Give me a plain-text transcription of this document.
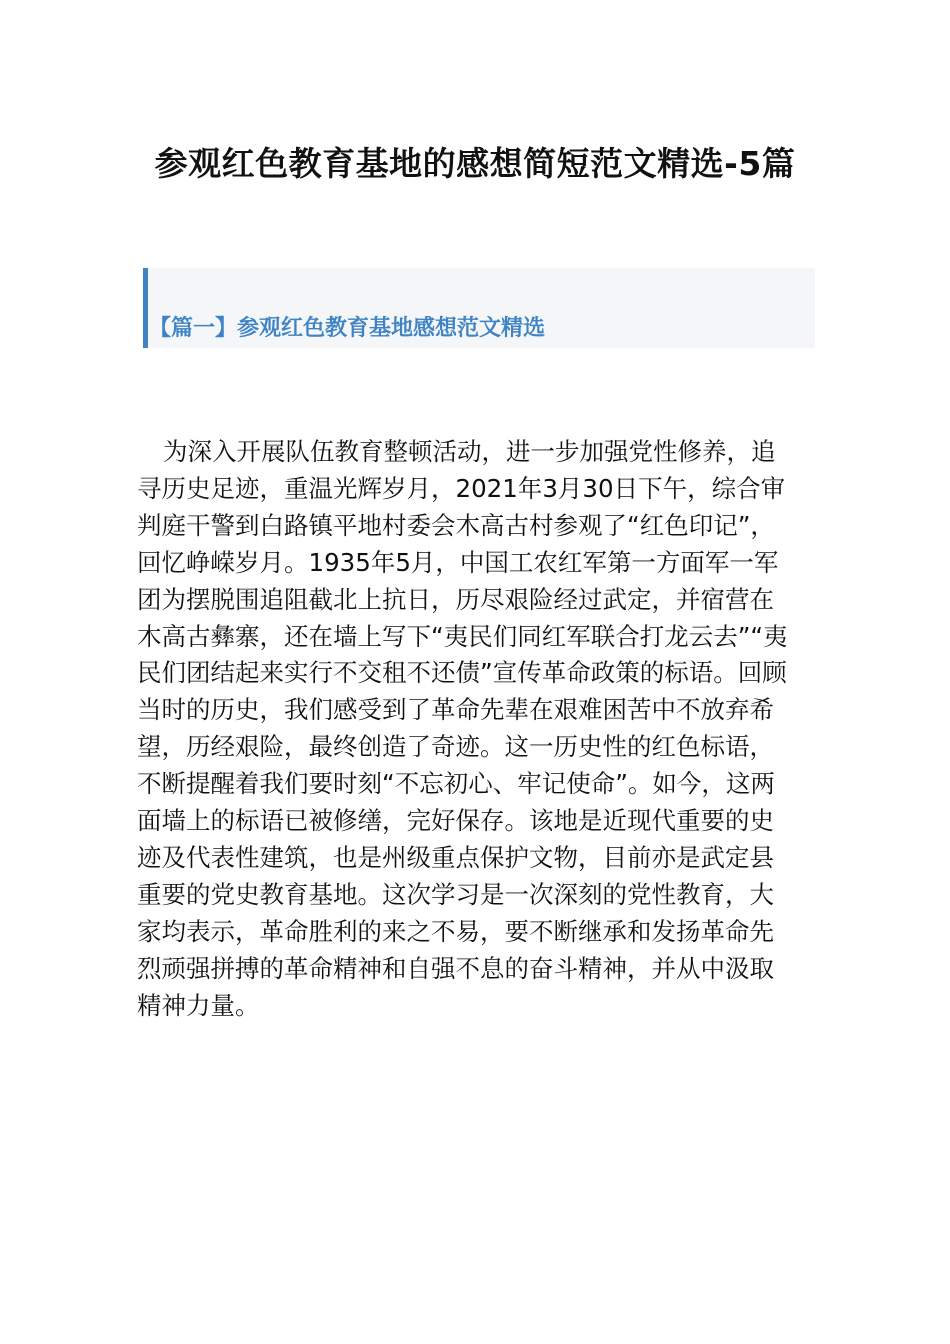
参观红色教育基地的感想简短范文精选-5篇
【篇一】参观红色教育基地感想范文精选
为深入开展队伍教育整顿活动，进一步加强党性修养，追
寻历史足迹，重温光辉岁月，2021年3月30日下午，综合审
判庭干警到白路镇平地村委会木高古村参观了“红色印记”，
回忆峥嵘岁月。1935年5月，中国工农红军第一方面军一军
团为摆脱围追阻截北上抗日，历尽艰险经过武定，并宿营在
木高古彝寨，还在墙上写下“夷民们同红军联合打龙云去”“夷
民们团结起来实行不交租不还债”宣传革命政策的标语。回顾
当时的历史，我们感受到了革命先辈在艰难困苦中不放弃希
望，历经艰险，最终创造了奇迹。这一历史性的红色标语，
不断提醒着我们要时刻“不忘初心、牢记使命”。如今，这两
面墙上的标语已被修缮，完好保存。该地是近现代重要的史
迹及代表性建筑，也是州级重点保护文物，目前亦是武定县
重要的党史教育基地。这次学习是一次深刻的党性教育，大
家均表示，革命胜利的来之不易，要不断继承和发扬革命先
烈顽强拼搏的革命精神和自强不息的奋斗精神，并从中汲取
精神力量。
